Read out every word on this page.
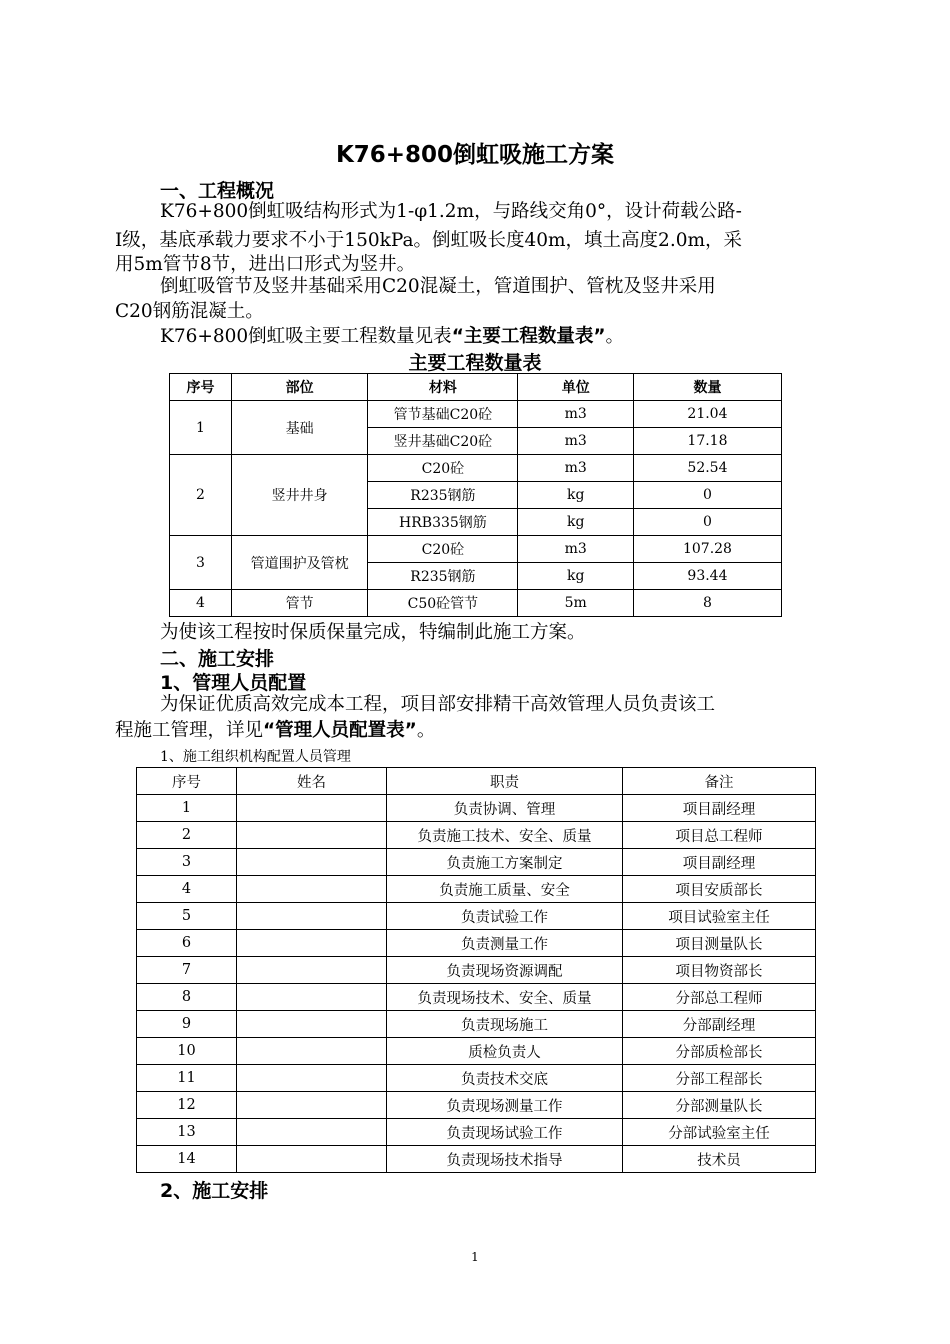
K76+800倒虹吸施工方案
一、工程概况
K76+800倒虹吸结构形式为1-φ1.2m，与路线交角0°，设计荷载公路-
Ⅰ级，基底承载力要求不小于150kPa。倒虹吸长度40m，填土高度2.0m，采
用5m管节8节，进出口形式为竖井。
倒虹吸管节及竖井基础采用C20混凝土，管道围护、管枕及竖井采用
C20钢筋混凝土。
K76+800倒虹吸主要工程数量见表“主要工程数量表”。
主要工程数量表
序号	部位	材料	单位	数量
1	基础	管节基础C20砼	m3	21.04
		竖井基础C20砼	m3	17.18
2	竖井井身	C20砼	m3	52.54
		R235钢筋	kg	0
		HRB335钢筋	kg	0
3	管道围护及管枕	C20砼	m3	107.28
		R235钢筋	kg	93.44
4	管节	C50砼管节	5m	8
为使该工程按时保质保量完成，特编制此施工方案。
二、施工安排
1、管理人员配置
为保证优质高效完成本工程，项目部安排精干高效管理人员负责该工
程施工管理，详见“管理人员配置表”。
1、施工组织机构配置人员管理
序号	姓名	职责	备注
1		负责协调、管理	项目副经理
2		负责施工技术、安全、质量	项目总工程师
3		负责施工方案制定	项目副经理
4		负责施工质量、安全	项目安质部长
5		负责试验工作	项目试验室主任
6		负责测量工作	项目测量队长
7		负责现场资源调配	项目物资部长
8		负责现场技术、安全、质量	分部总工程师
9		负责现场施工	分部副经理
10		质检负责人	分部质检部长
11		负责技术交底	分部工程部长
12		负责现场测量工作	分部测量队长
13		负责现场试验工作	分部试验室主任
14		负责现场技术指导	技术员
2、施工安排
1
